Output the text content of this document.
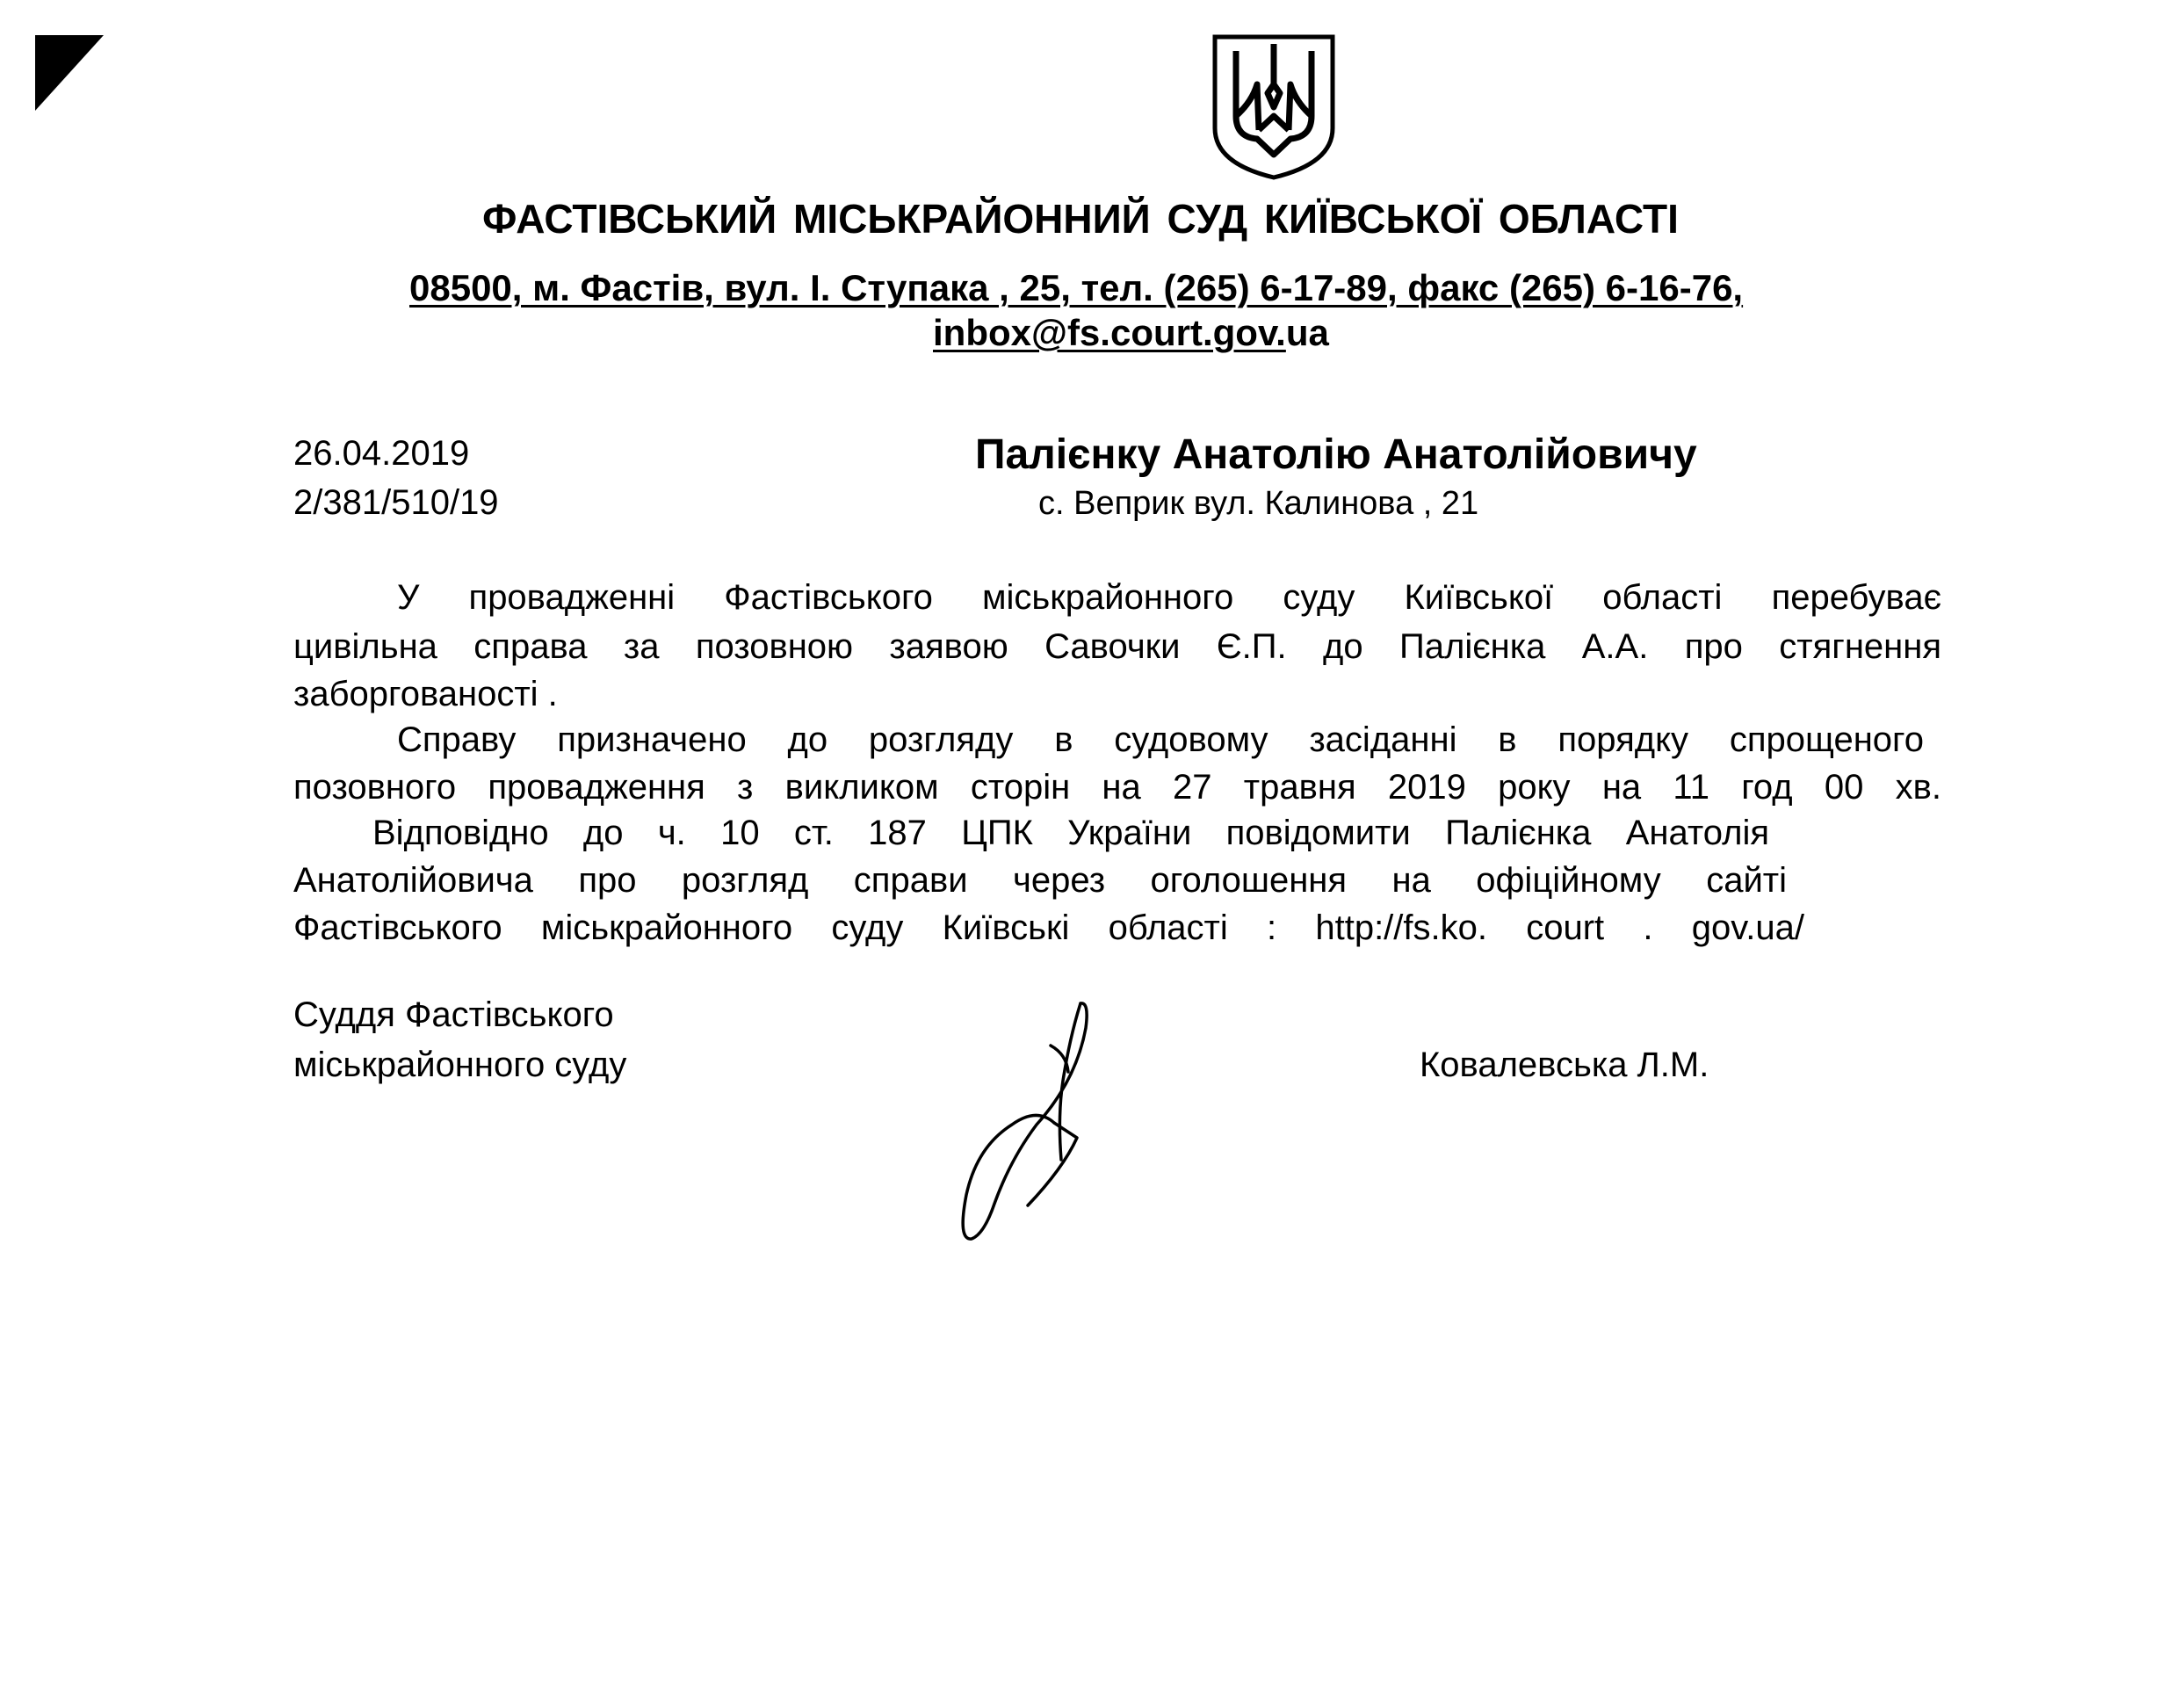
ФАСТІВСЬКИЙ МІСЬКРАЙОННИЙ СУД КИЇВСЬКОЇ ОБЛАСТІ
08500, м. Фастів, вул. І. Ступака , 25, тел. (265) 6-17-89, факс (265) 6-16-76,
inbox@fs.court.gov.ua
26.04.2019
2/381/510/19
Палієнку Анатолію Анатолійовичу
с. Веприк вул. Калинова , 21
У провадженні Фастівського міськрайонного суду Київської області перебуває
цивільна справа за позовною заявою Савочки Є.П. до Палієнка А.А. про стягнення
заборгованості .
Справу призначено до розгляду в судовому засіданні в порядку спрощеного
позовного провадження з викликом сторін на 27 травня 2019 року на 11 год 00 хв.
Відповідно до ч. 10 ст. 187 ЦПК України повідомити Палієнка Анатолія
Анатолійовича про розгляд справи через оголошення на офіційному сайті
Фастівського міськрайонного суду Київські області : http://fs.ko. court . gov.ua/
Суддя Фастівського
міськрайонного суду	Ковалевська Л.М.
